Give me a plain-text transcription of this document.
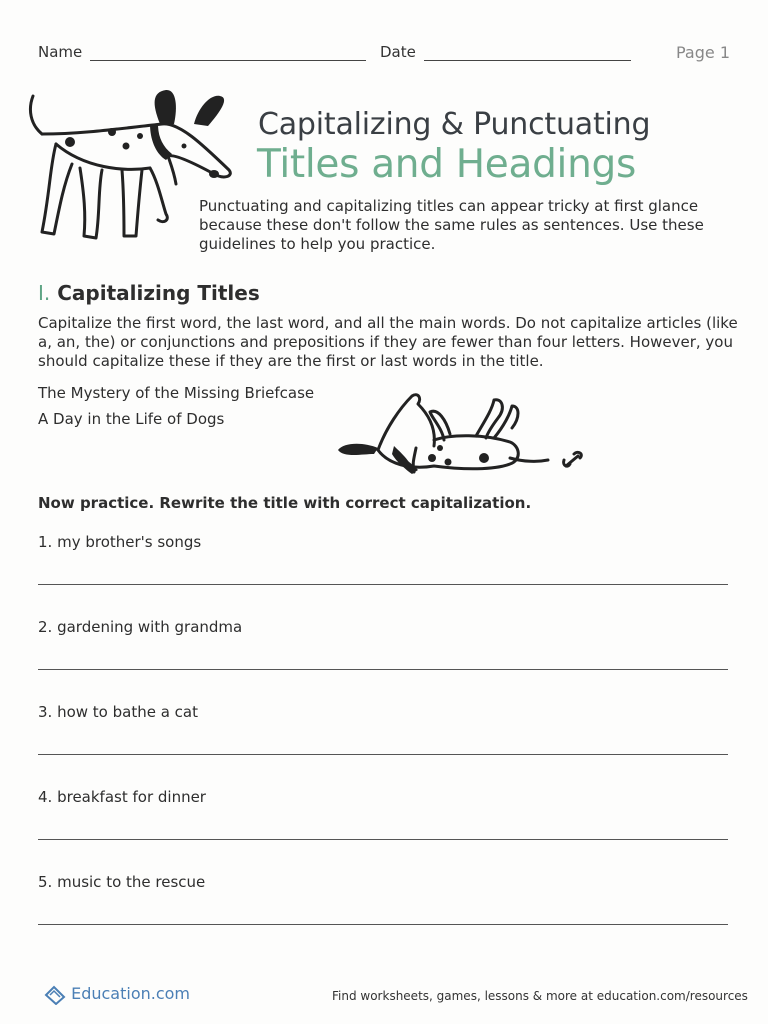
Name	Date	Page 1
Capitalizing & Punctuating
Titles and Headings
Punctuating and capitalizing titles can appear tricky at first glance because these don't follow the same rules as sentences. Use these guidelines to help you practice.
I. Capitalizing Titles
Capitalize the first word, the last word, and all the main words. Do not capitalize articles (like a, an, the) or conjunctions and prepositions if they are fewer than four letters. However, you should capitalize these if they are the first or last words in the title.
The Mystery of the Missing Briefcase
A Day in the Life of Dogs
Now practice. Rewrite the title with correct capitalization.
1. my brother's songs
2. gardening with grandma
3. how to bathe a cat
4. breakfast for dinner
5. music to the rescue
Education.com	Find worksheets, games, lessons & more at education.com/resources
